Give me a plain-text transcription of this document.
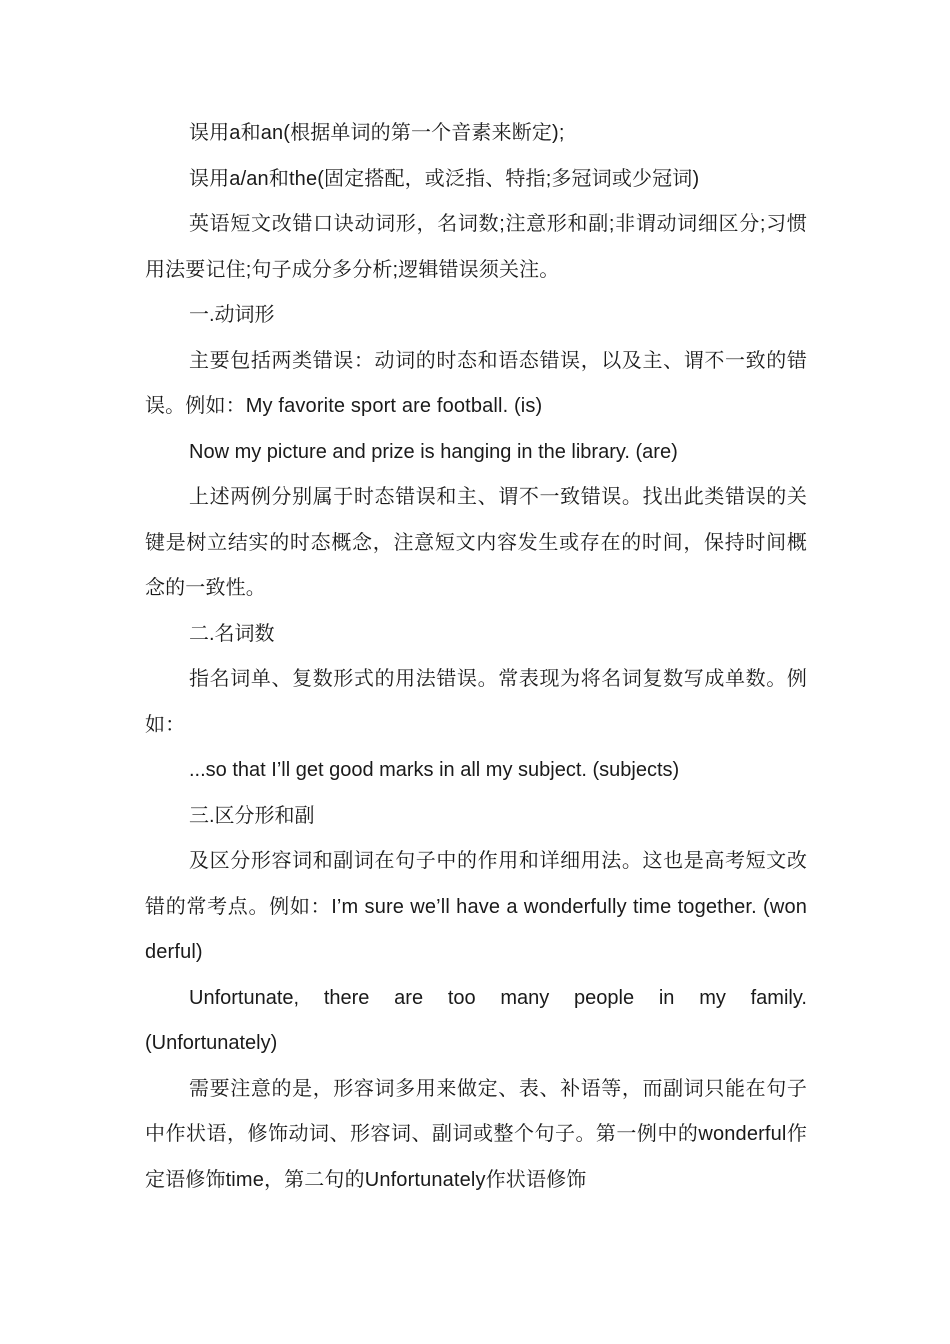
误用a和an(根据单词的第一个音素来断定);

误用a/an和the(固定搭配，或泛指、特指;多冠词或少冠词)

英语短文改错口诀动词形，名词数;注意形和副;非谓动词细区分;习惯用法要记住;句子成分多分析;逻辑错误须关注。

一.动词形

主要包括两类错误：动词的时态和语态错误，以及主、谓不一致的错误。例如：My favorite sport are football. (is)

Now my picture and prize is hanging in the library. (are)

上述两例分别属于时态错误和主、谓不一致错误。找出此类错误的关键是树立结实的时态概念，注意短文内容发生或存在的时间，保持时间概念的一致性。

二.名词数

指名词单、复数形式的用法错误。常表现为将名词复数写成单数。例如：

...so that I’ll get good marks in all my subject. (subjects)

三.区分形和副

及区分形容词和副词在句子中的作用和详细用法。这也是高考短文改错的常考点。例如：I’m sure we’ll have a wonderfully time together. (wonderful)

Unfortunate, there are too many people in my family.

(Unfortunately)

需要注意的是，形容词多用来做定、表、补语等，而副词只能在句子中作状语，修饰动词、形容词、副词或整个句子。第一例中的wonderful作定语修饰time，第二句的Unfortunately作状语修饰
